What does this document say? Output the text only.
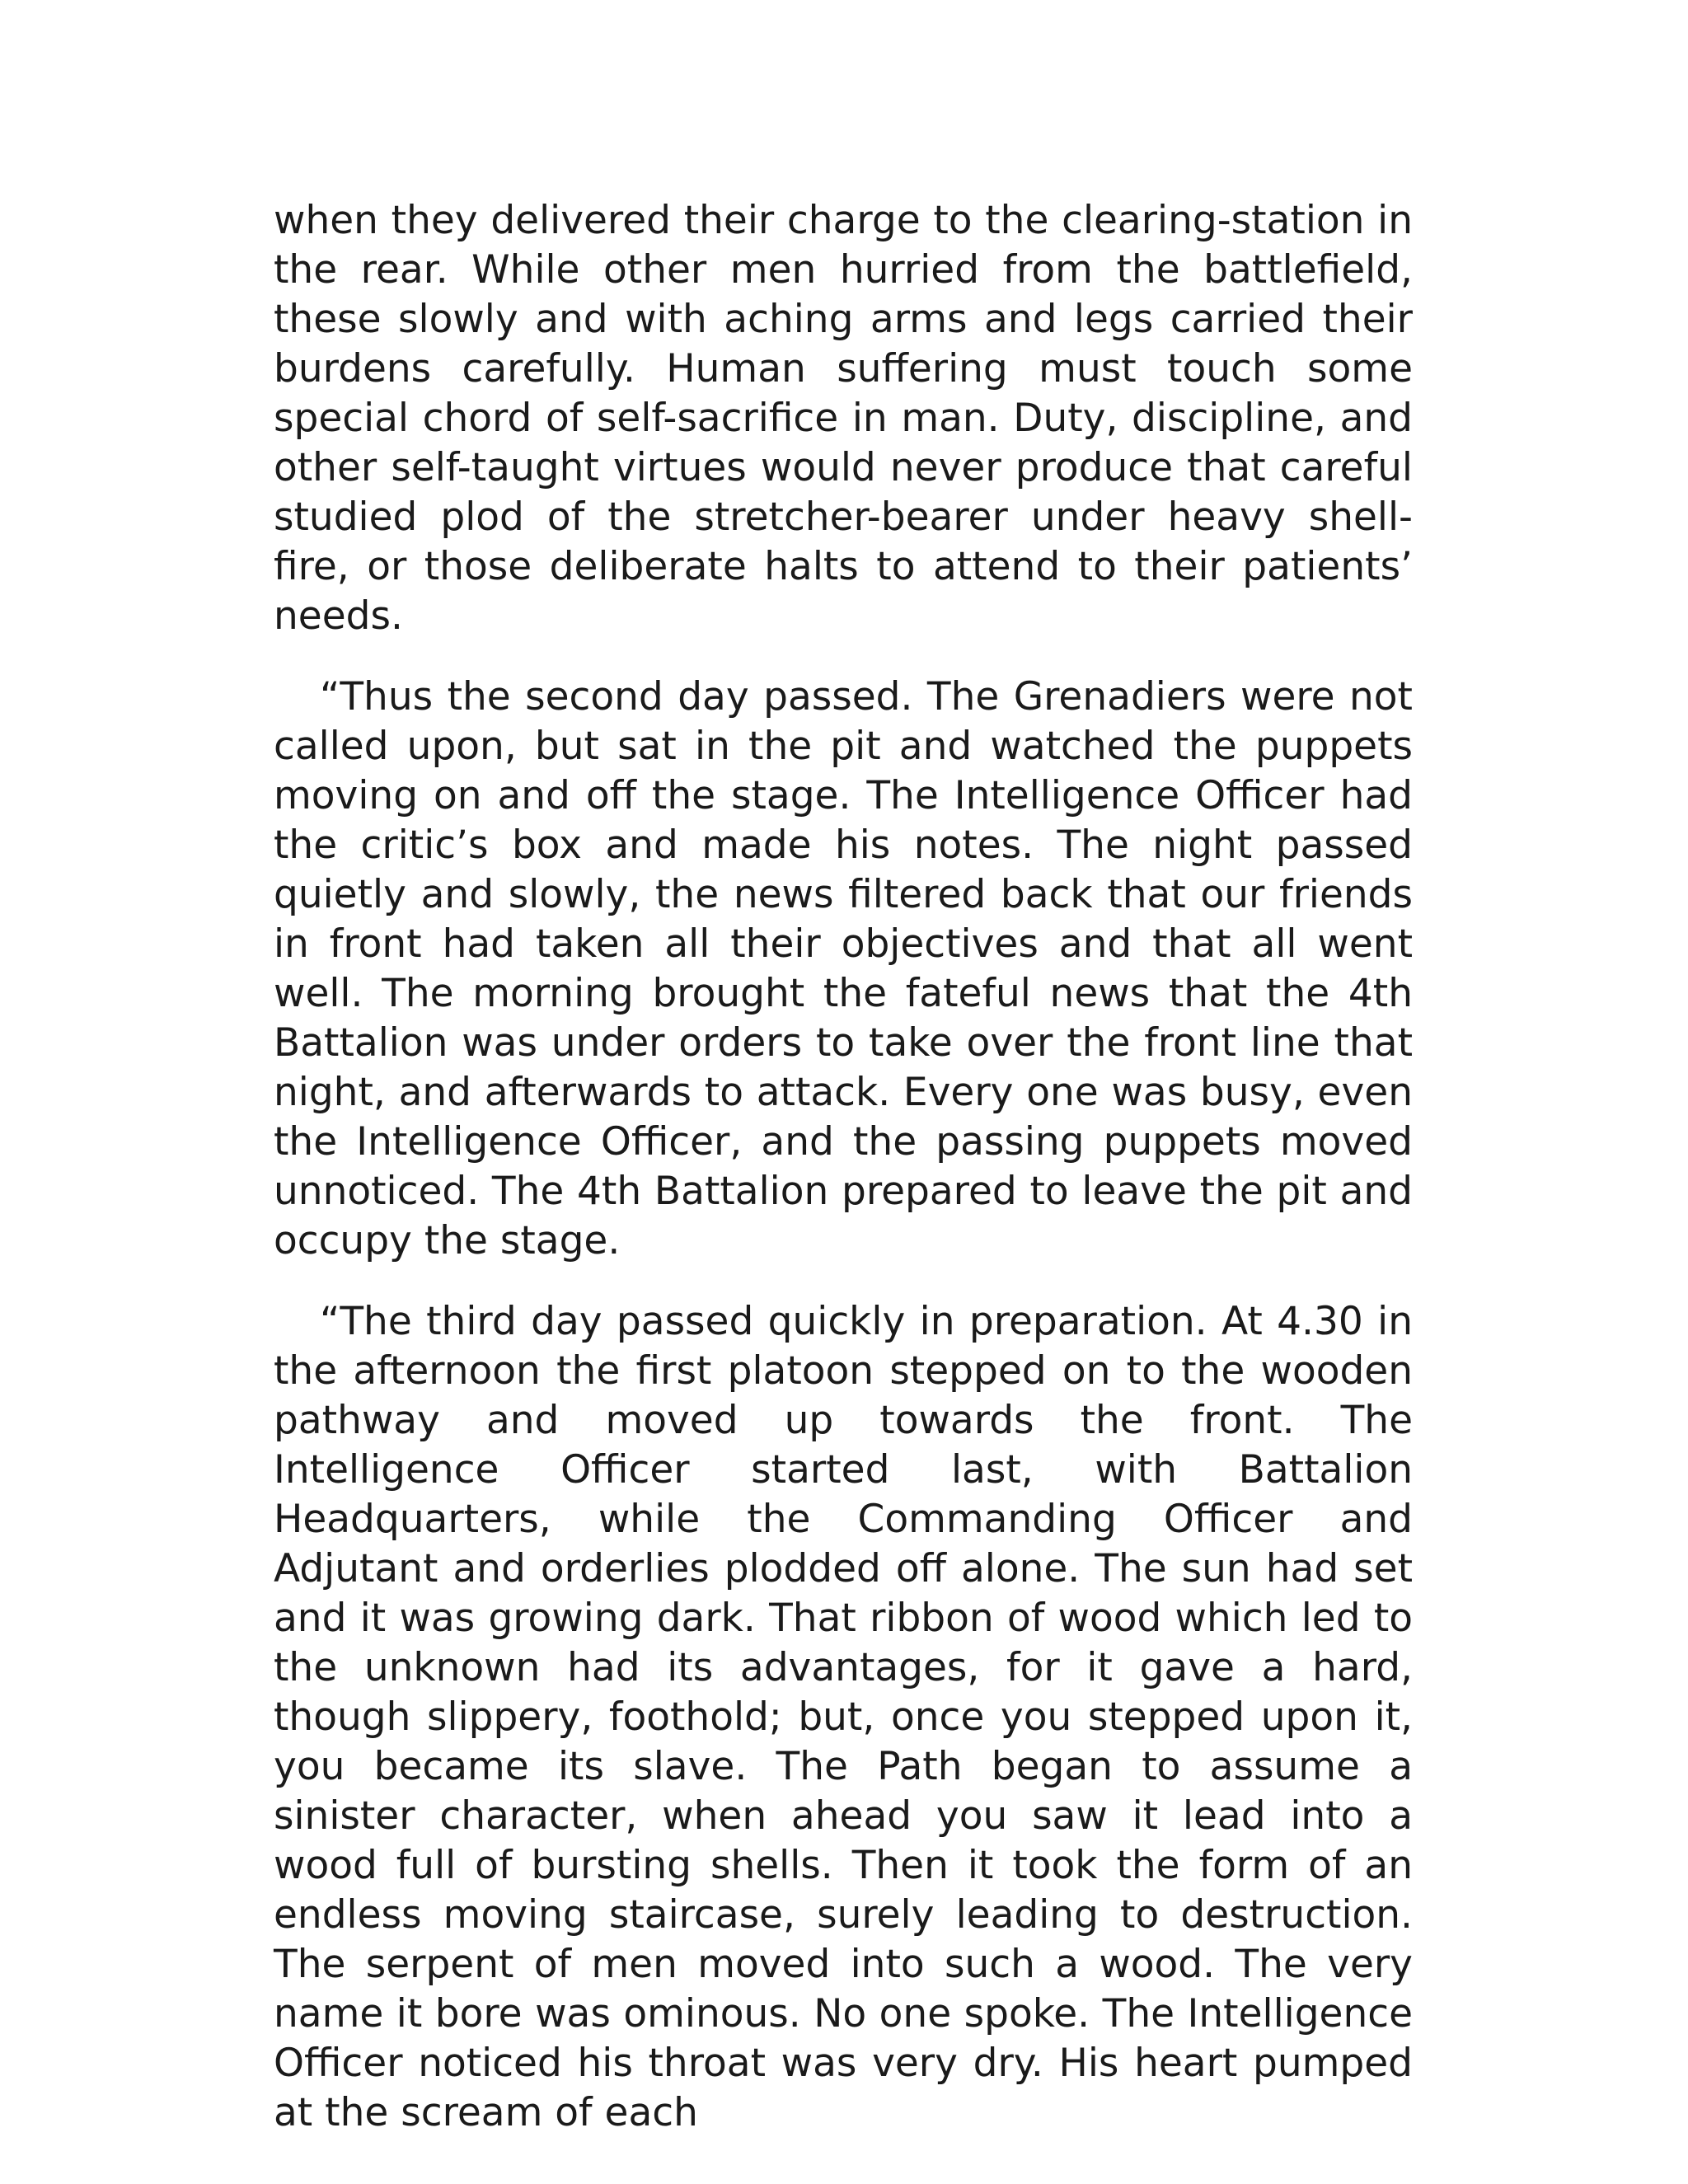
when they delivered their charge to the clearing-station in the rear. While other men hurried from the battlefield, these slowly and with aching arms and legs carried their burdens carefully. Human suffering must touch some special chord of self-sacrifice in man. Duty, discipline, and other self-taught virtues would never produce that careful studied plod of the stretcher-bearer under heavy shell-fire, or those deliberate halts to attend to their patients’ needs.

“Thus the second day passed. The Grenadiers were not called upon, but sat in the pit and watched the puppets moving on and off the stage. The Intelligence Officer had the critic’s box and made his notes. The night passed quietly and slowly, the news filtered back that our friends in front had taken all their objectives and that all went well. The morning brought the fateful news that the 4th Battalion was under orders to take over the front line that night, and afterwards to attack. Every one was busy, even the Intelligence Officer, and the passing puppets moved unnoticed. The 4th Battalion prepared to leave the pit and occupy the stage.

“The third day passed quickly in preparation. At 4.30 in the afternoon the first platoon stepped on to the wooden pathway and moved up towards the front. The Intelligence Officer started last, with Battalion Headquarters, while the Commanding Officer and Adjutant and orderlies plodded off alone. The sun had set and it was growing dark. That ribbon of wood which led to the unknown had its advantages, for it gave a hard, though slippery, foothold; but, once you stepped upon it, you became its slave. The Path began to assume a sinister character, when ahead you saw it lead into a wood full of bursting shells. Then it took the form of an endless moving staircase, surely leading to destruction. The serpent of men moved into such a wood. The very name it bore was ominous. No one spoke. The Intelligence Officer noticed his throat was very dry. His heart pumped at the scream of each
